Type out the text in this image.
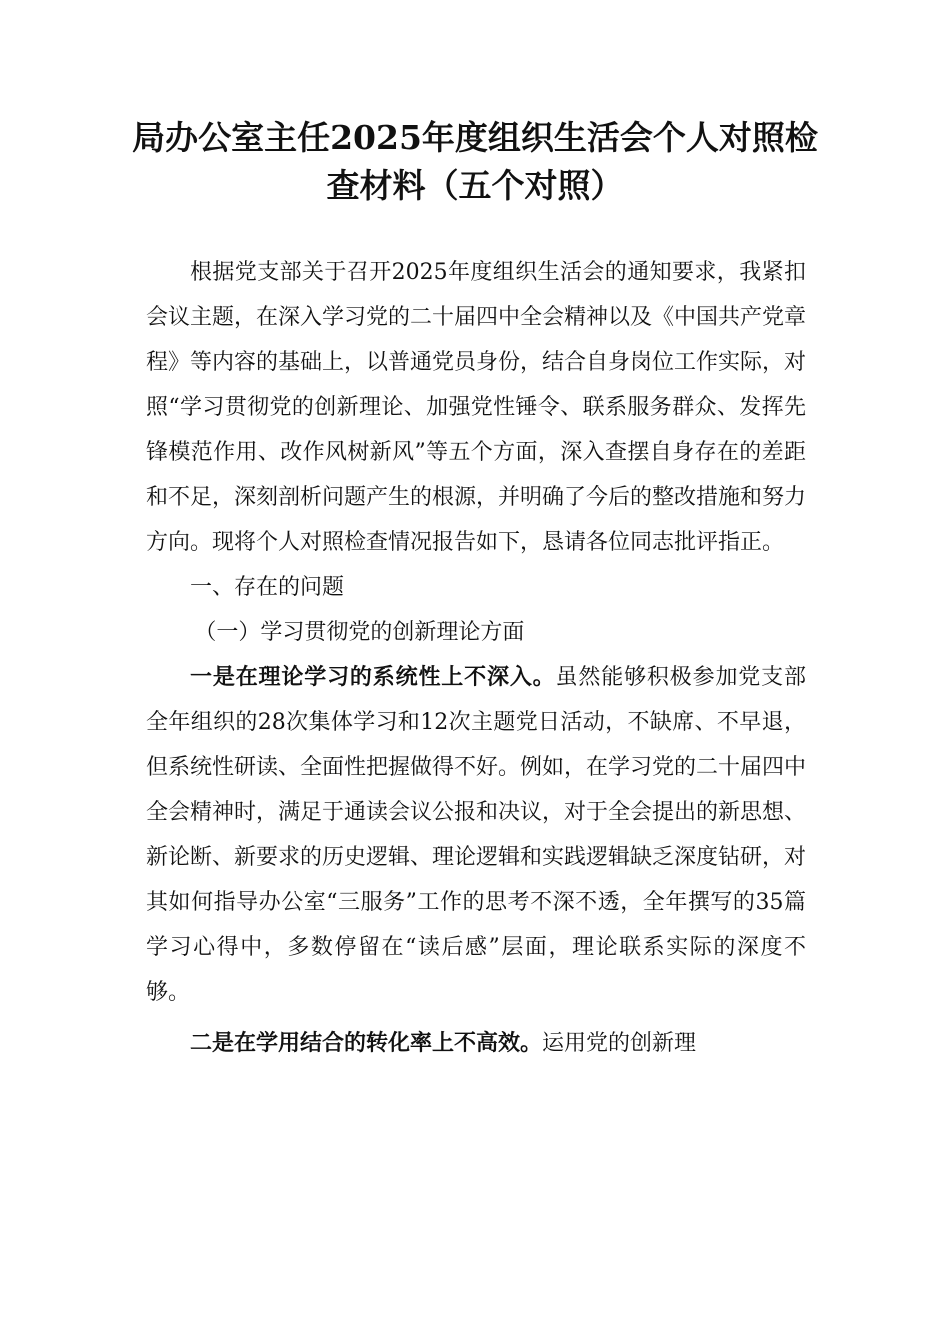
局办公室主任2025年度组织生活会个人对照检查材料（五个对照）

根据党支部关于召开2025年度组织生活会的通知要求，我紧扣会议主题，在深入学习党的二十届四中全会精神以及《中国共产党章程》等内容的基础上，以普通党员身份，结合自身岗位工作实际，对照“学习贯彻党的创新理论、加强党性锤令、联系服务群众、发挥先锋模范作用、改作风树新风”等五个方面，深入查摆自身存在的差距和不足，深刻剖析问题产生的根源，并明确了今后的整改措施和努力方向。现将个人对照检查情况报告如下，恳请各位同志批评指正。

一、存在的问题

（一）学习贯彻党的创新理论方面

一是在理论学习的系统性上不深入。虽然能够积极参加党支部全年组织的28次集体学习和12次主题党日活动，不缺席、不早退，但系统性研读、全面性把握做得不好。例如，在学习党的二十届四中全会精神时，满足于通读会议公报和决议，对于全会提出的新思想、新论断、新要求的历史逻辑、理论逻辑和实践逻辑缺乏深度钻研，对其如何指导办公室“三服务”工作的思考不深不透，全年撰写的35篇学习心得中，多数停留在“读后感”层面，理论联系实际的深度不够。

二是在学用结合的转化率上不高效。运用党的创新理
